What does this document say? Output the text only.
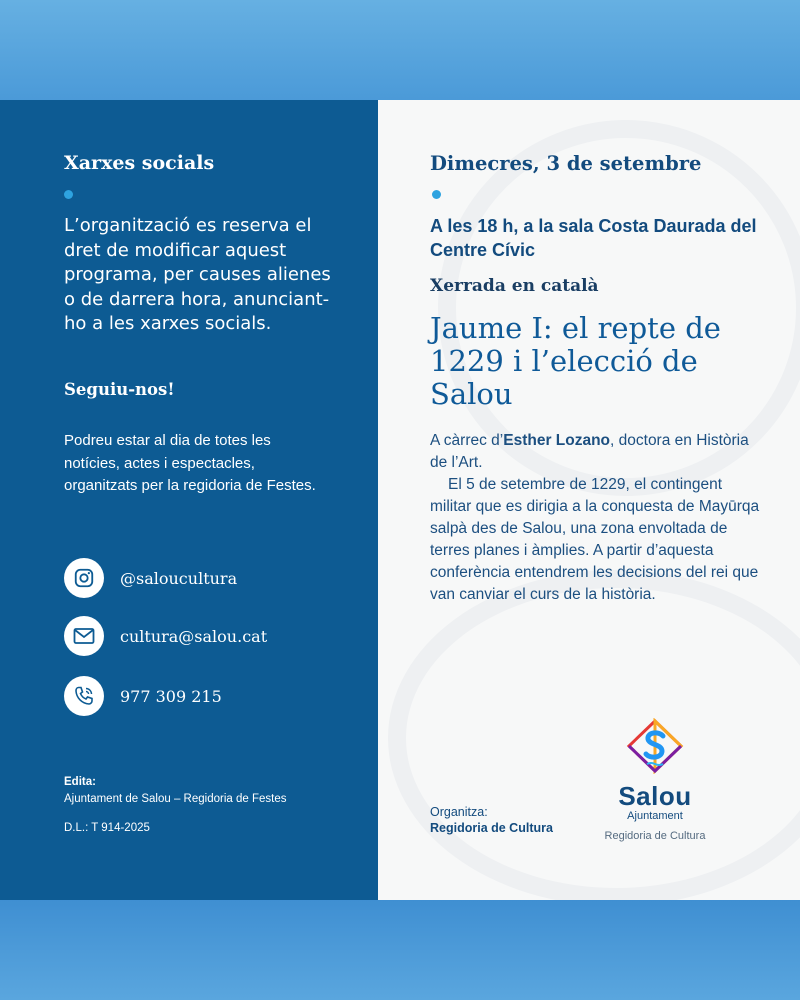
Xarxes socials
L’organització es reserva el dret de modificar aquest programa, per causes alienes o de darrera hora, anunciant-ho a les xarxes socials.
Seguiu-nos!
Podreu estar al dia de totes les notícies, actes i espectacles, organitzats per la regidoria de Festes.
@saloucultura
cultura@salou.cat
977 309 215
Edita:
Ajuntament de Salou – Regidoria de Festes
D.L.: T 914-2025
Dimecres, 3 de setembre
A les 18 h, a la sala Costa Daurada del Centre Cívic
Xerrada en català
Jaume I: el repte de 1229 i l’elecció de Salou

A càrrec d’Esther Lozano, doctora en Història de l’Art.

El 5 de setembre de 1229, el contingent militar que es dirigia a la conquesta de Mayūrqa salpà des de Salou, una zona envoltada de terres planes i àmplies. A partir d’aquesta conferència entendrem les decisions del rei que van canviar el curs de la història.

Organitza:
Regidoria de Cultura
Salou
Ajuntament
Regidoria de Cultura
